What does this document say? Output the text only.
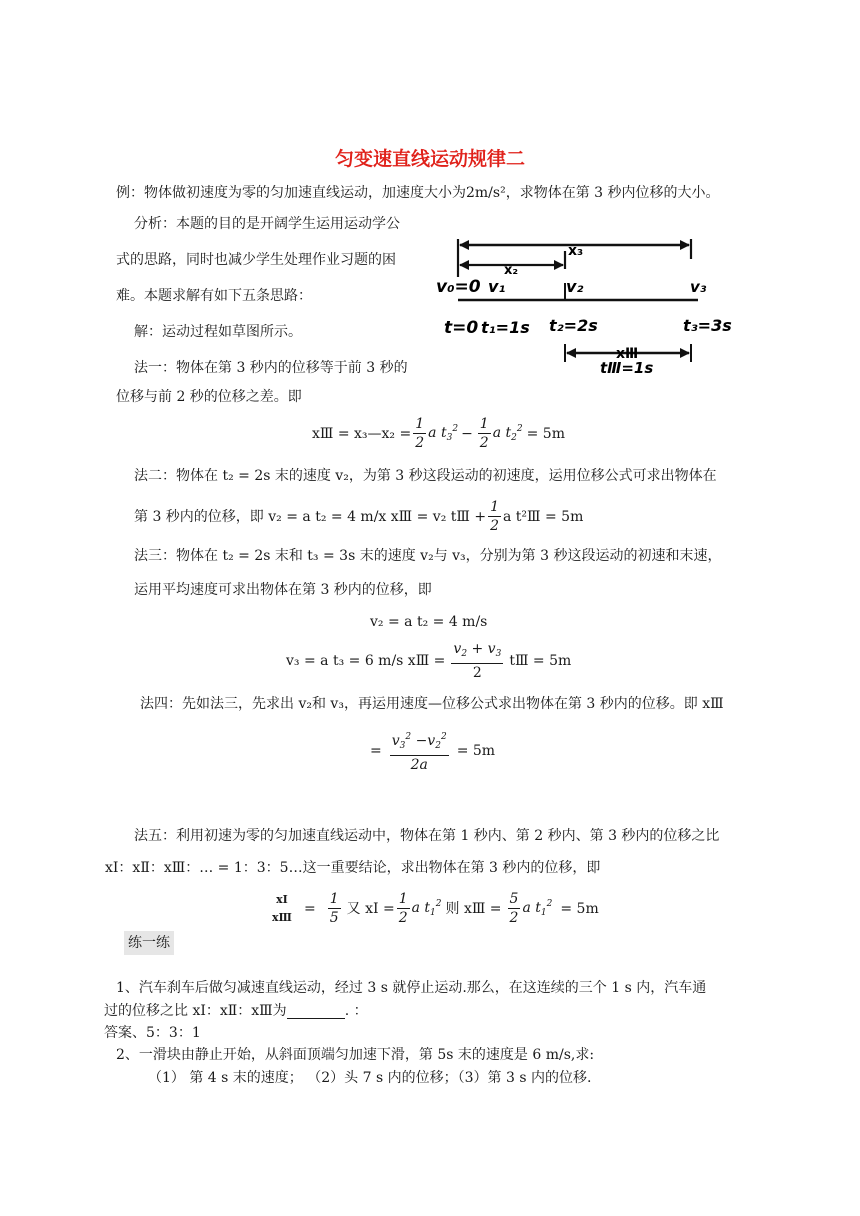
匀变速直线运动规律二
例：物体做初速度为零的匀加速直线运动，加速度大小为2m/s²，求物体在第 3 秒内位移的大小。
分析：本题的目的是开阔学生运用运动学公
式的思路，同时也减少学生处理作业习题的困
难。本题求解有如下五条思路：
解：运动过程如草图所示。
x₃
x₂
v₀=0 v₁	v₂	v₃
t=0 t₁=1s t₂=2s	t₃=3s
xⅢ
tⅢ=1s
法一：物体在第 3 秒内的位移等于前 3 秒的
位移与前 2 秒的位移之差。即
xⅢ = x₃—x₂ = $\frac{1}{2}$ a $t_3^2 - \frac{1}{2}$ a $t_2^2 = 5m$
法二：物体在 t₂ = 2s 末的速度 v₂，为第 3 秒这段运动的初速度，运用位移公式可求出物体在
第 3 秒内的位移，即 v₂ = a t₂ = 4 m/x xⅢ = v₂ tⅢ + $\frac{1}{2}$ a t²Ⅲ = 5m
法三：物体在 t₂ = 2s 末和 t₃ = 3s 末的速度 v₂与 v₃，分别为第 3 秒这段运动的初速和末速，
运用平均速度可求出物体在第 3 秒内的位移，即
v₂ = a t₂ = 4 m/s
v₃ = a t₃ = 6 m/s xⅢ = $\frac{v_2 + v_3}{2}$ tⅢ = 5m
法四：先如法三，先求出 v₂和 v₃，再运用速度—位移公式求出物体在第 3 秒内的位移。即 xⅢ
= $\frac{v_3^2 -v_2^2}{2a} = 5m$
法五：利用初速为零的匀加速直线运动中，物体在第 1 秒内、第 2 秒内、第 3 秒内的位移之比
xⅠ：xⅡ：xⅢ：… = 1：3：5…这一重要结论，求出物体在第 3 秒内的位移，即
xⅠ
xⅢ
= $\frac{1}{5}$ 又 xⅠ = $\frac{1}{2}$ a $t_1^2$ 则 xⅢ = $\frac{5}{2}$ a $t_1^2 = 5m$
练一练
1、汽车刹车后做匀减速直线运动，经过 3 s 就停止运动.那么，在这连续的三个 1 s 内，汽车通
过的位移之比 xⅠ：xⅡ：xⅢ为	. ：
答案、5：3：1
2、一滑块由静止开始，从斜面顶端匀加速下滑，第 5s 末的速度是 6 m/s,求:
（1） 第 4 s 末的速度； （2）头 7 s 内的位移；（3）第 3 s 内的位移.
